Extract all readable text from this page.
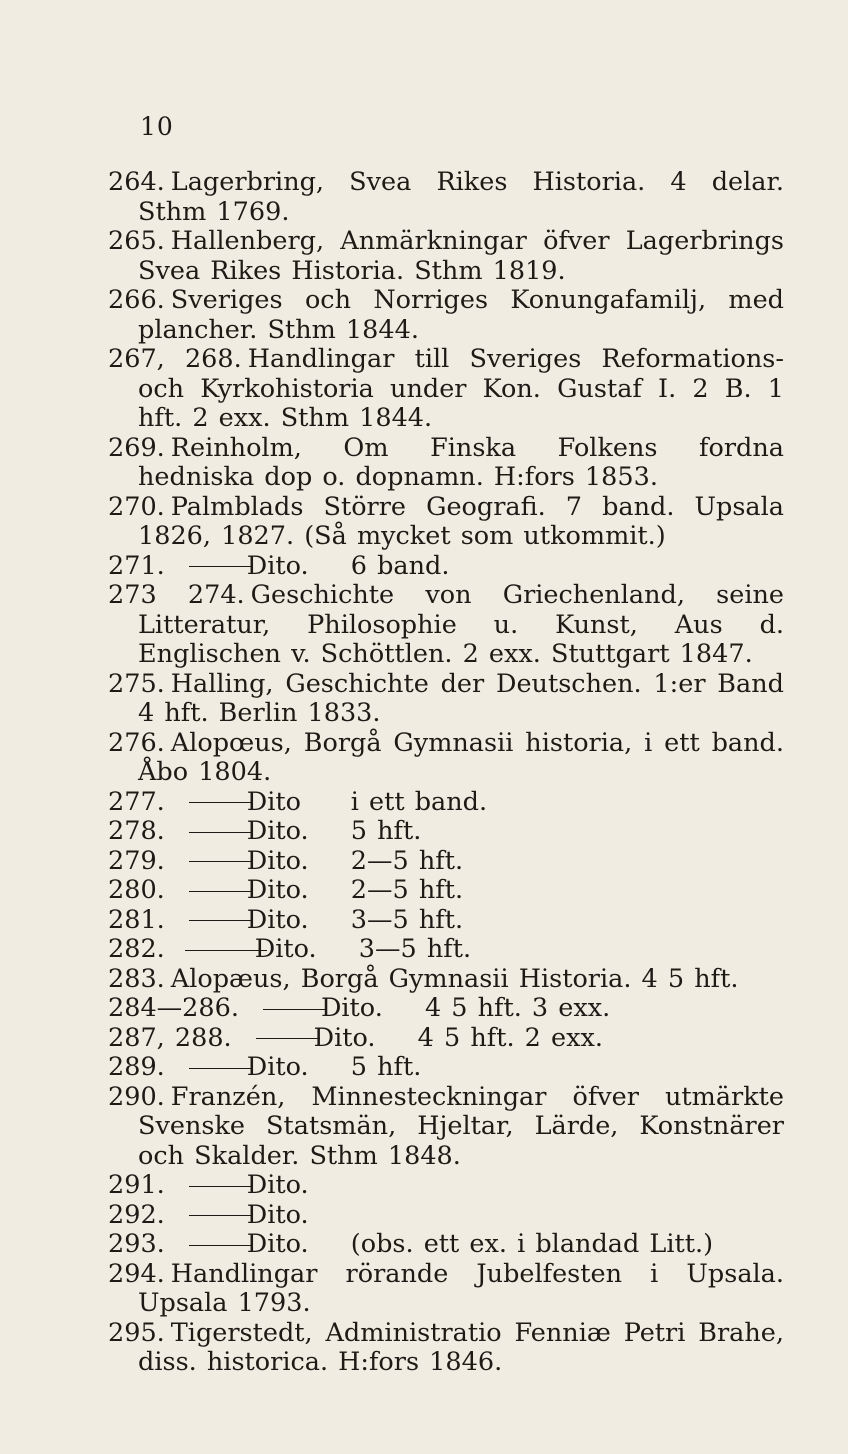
10
264. Lagerbring, Svea Rikes Historia. 4 delar. Sthm 1769.
265. Hallenberg, Anmärkningar öfver Lagerbrings Svea Rikes Historia. Sthm 1819.
266. Sveriges och Norriges Konungafamilj, med plancher. Sthm 1844.
267, 268. Handlingar till Sveriges Reformations- och Kyrkohistoria under Kon. Gustaf I. 2 B. 1 hft. 2 exx. Sthm 1844.
269. Reinholm, Om Finska Folkens fordna hedniska dop o. dopnamn. H:fors 1853.
270. Palmblads Större Geografi. 7 band. Upsala 1826, 1827. (Så mycket som utkommit.)
271.	Dito. 6 band.
273 274. Geschichte von Griechenland, seine Litteratur, Philosophie u. Kunst, Aus d. Englischen v. Schöttlen. 2 exx. Stuttgart 1847.
275. Halling, Geschichte der Deutschen. 1:er Band 4 hft. Berlin 1833.
276. Alopœus, Borgå Gymnasii historia, i ett band. Åbo 1804.
277.	Dito i ett band.
278.	Dito. 5 hft.
279.	Dito. 2—5 hft.
280.	Dito. 2—5 hft.
281.	Dito. 3—5 hft.
282.	Dito. 3—5 hft.
283. Alopæus, Borgå Gymnasii Historia. 4 5 hft.
284—286.	Dito. 4 5 hft. 3 exx.
287, 288.	Dito. 4 5 hft. 2 exx.
289.	Dito. 5 hft.
290. Franzén, Minnesteckningar öfver utmärkte Svenske Statsmän, Hjeltar, Lärde, Konstnärer och Skalder. Sthm 1848.
291.	Dito.
292.	Dito.
293.	Dito. (obs. ett ex. i blandad Litt.)
294. Handlingar rörande Jubelfesten i Upsala. Upsala 1793.
295. Tigerstedt, Administratio Fenniæ Petri Brahe, diss. historica. H:fors 1846.
